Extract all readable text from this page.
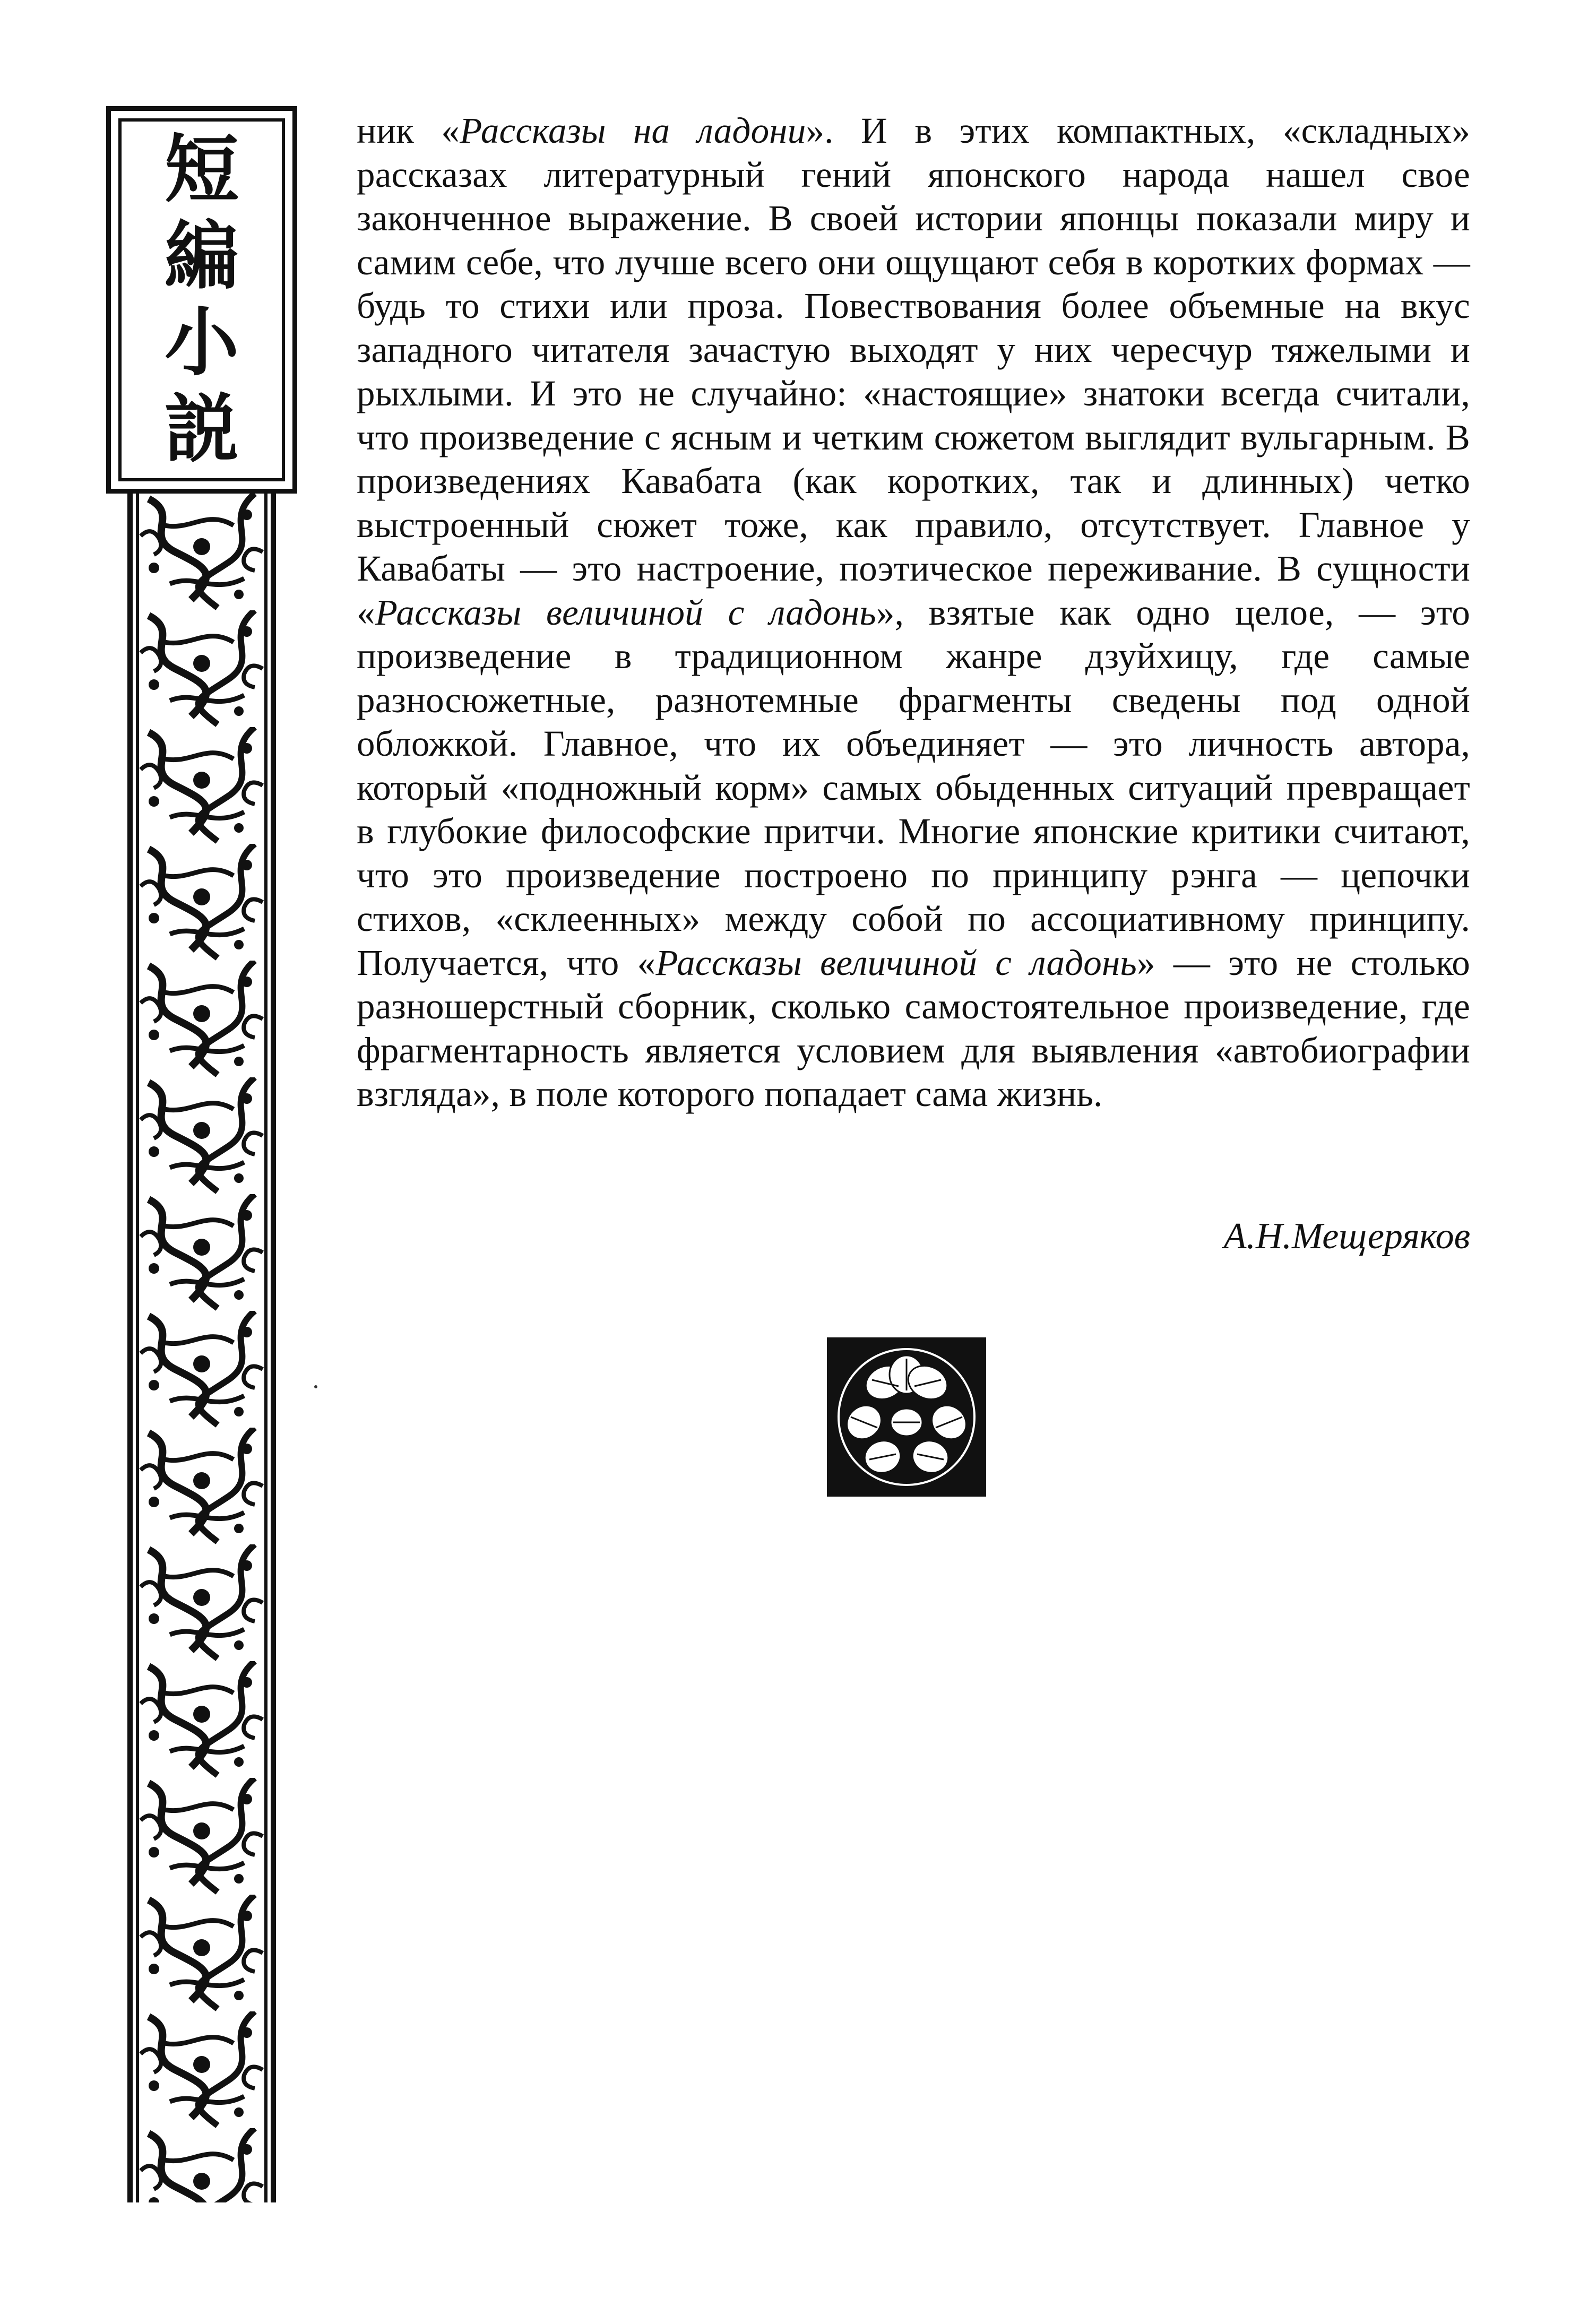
短
編
小
説

ник «Рассказы на ладони». И в этих компактных, «складных» рассказах литературный гений японского народа нашел свое законченное выражение. В своей истории японцы показали миру и самим себе, что лучше всего они ощущают себя в коротких формах — будь то стихи или проза. Повествования более объемные на вкус западного читателя зачастую выходят у них чересчур тяжелыми и рыхлыми. И это не случайно: «настоящие» знатоки всегда считали, что произведение с ясным и четким сюжетом выглядит вульгарным. В произведениях Кавабата (как коротких, так и длинных) четко выстроенный сюжет тоже, как правило, отсутствует. Главное у Кавабаты — это настроение, поэтическое переживание. В сущности «Рассказы величиной с ладонь», взятые как одно целое, — это произведение в традиционном жанре дзуйхицу, где самые разносюжетные, разнотемные фрагменты сведены под одной обложкой. Главное, что их объединяет — это личность автора, который «подножный корм» самых обыденных ситуаций превращает в глубокие философские притчи. Многие японские критики считают, что это произведение построено по принципу рэнга — цепочки стихов, «склеенных» между собой по ассоциативному принципу. Получается, что «Рассказы величиной с ладонь» — это не столько разношерстный сборник, сколько самостоятельное произведение, где фрагментарность является условием для выявления «автобиографии взгляда», в поле которого попадает сама жизнь.

А.Н.Мещеряков
